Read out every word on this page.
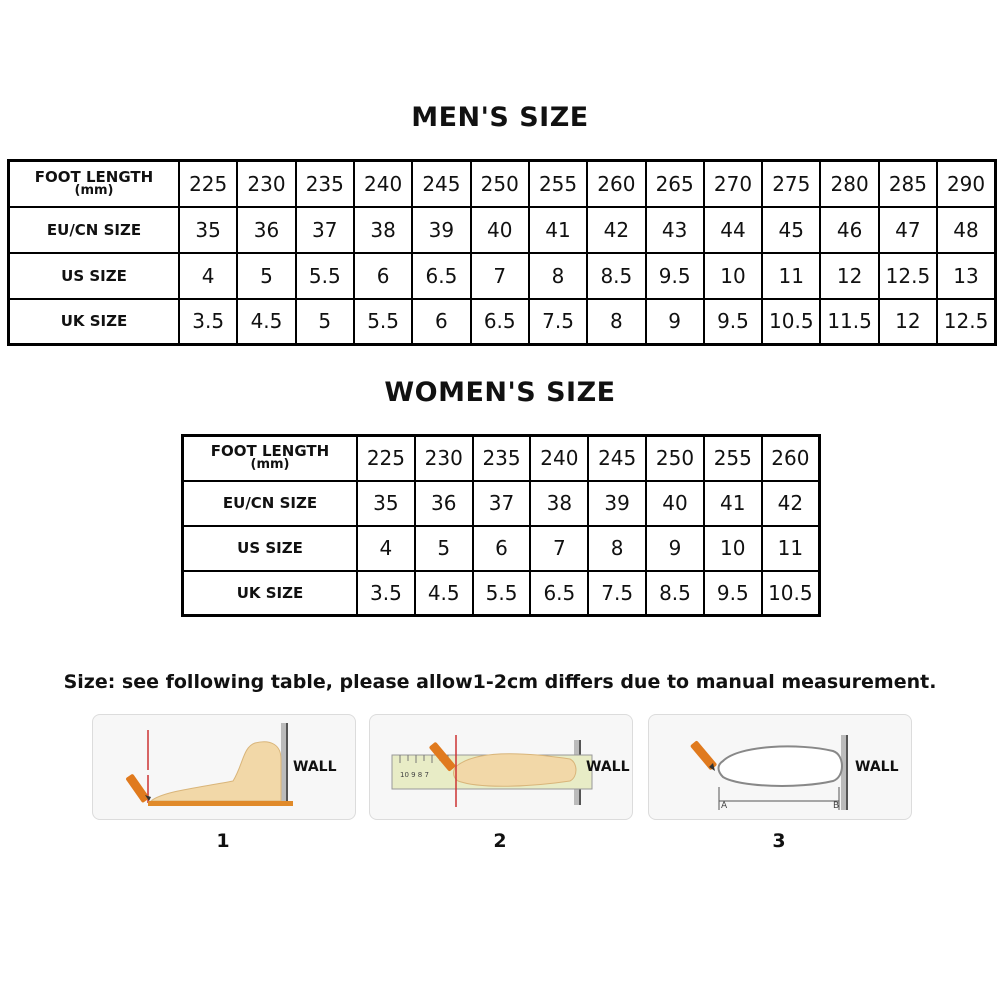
MEN'S SIZE
FOOT LENGTH
(mm)	225	230	235	240	245	250	255	260	265	270	275	280	285	290
EU/CN SIZE	35	36	37	38	39	40	41	42	43	44	45	46	47	48
US SIZE	4	5	5.5	6	6.5	7	8	8.5	9.5	10	11	12	12.5	13
UK SIZE	3.5	4.5	5	5.5	6	6.5	7.5	8	9	9.5	10.5	11.5	12	12.5
WOMEN'S SIZE
FOOT LENGTH
(mm)	225	230	235	240	245	250	255	260
EU/CN SIZE	35	36	37	38	39	40	41	42
US SIZE	4	5	6	7	8	9	10	11
UK SIZE	3.5	4.5	5.5	6.5	7.5	8.5	9.5	10.5
Size: see following table, please allow1-2cm differs due to manual measurement.
WALL	10 9 8 7	WALL
A	B
WALL
1	2	3
